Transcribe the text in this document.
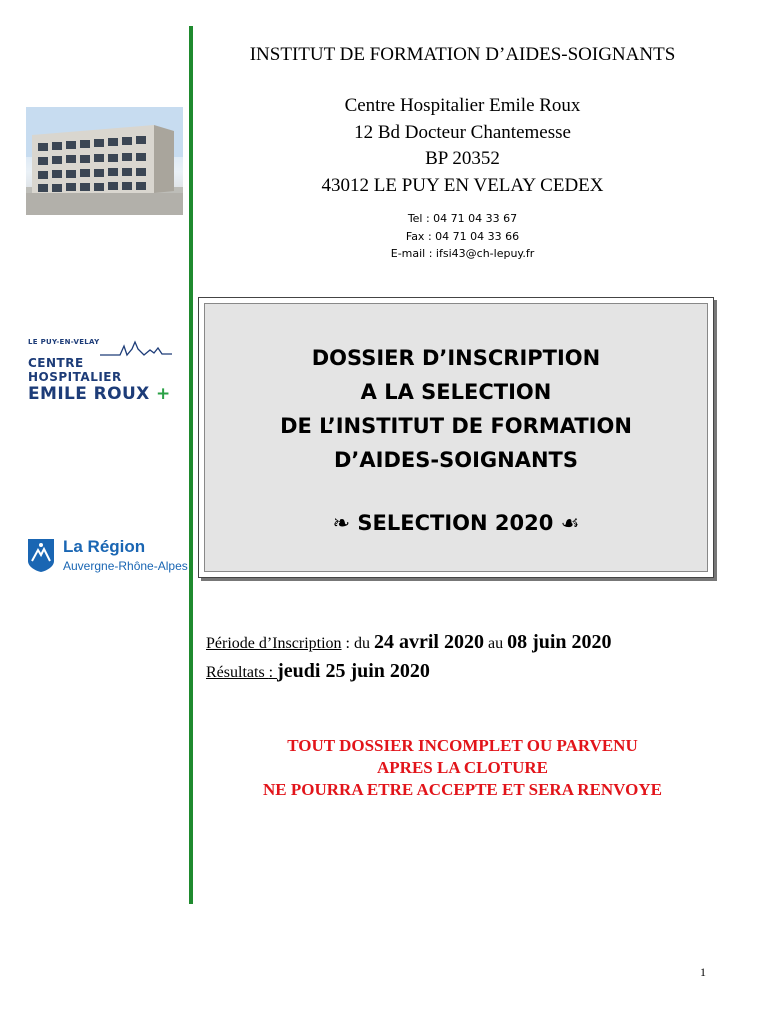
LE PUY-EN-VELAY
CENTRE HOSPITALIER
EMILE ROUX +
La Région
Auvergne-Rhône-Alpes
INSTITUT DE FORMATION D’AIDES-SOIGNANTS
Centre Hospitalier Emile Roux
12 Bd Docteur Chantemesse
BP 20352
43012 LE PUY EN VELAY CEDEX
Tel : 04 71 04 33 67
Fax : 04 71 04 33 66
E-mail : ifsi43@ch-lepuy.fr
DOSSIER D’INSCRIPTION
A LA SELECTION
DE L’INSTITUT DE FORMATION
D’AIDES-SOIGNANTS
❧ SELECTION 2020 ☙
Période d’Inscription : du 24 avril 2020 au 08 juin 2020
Résultats : jeudi 25 juin 2020
TOUT DOSSIER INCOMPLET OU PARVENU
APRES LA CLOTURE
NE POURRA ETRE ACCEPTE ET SERA RENVOYE
1
